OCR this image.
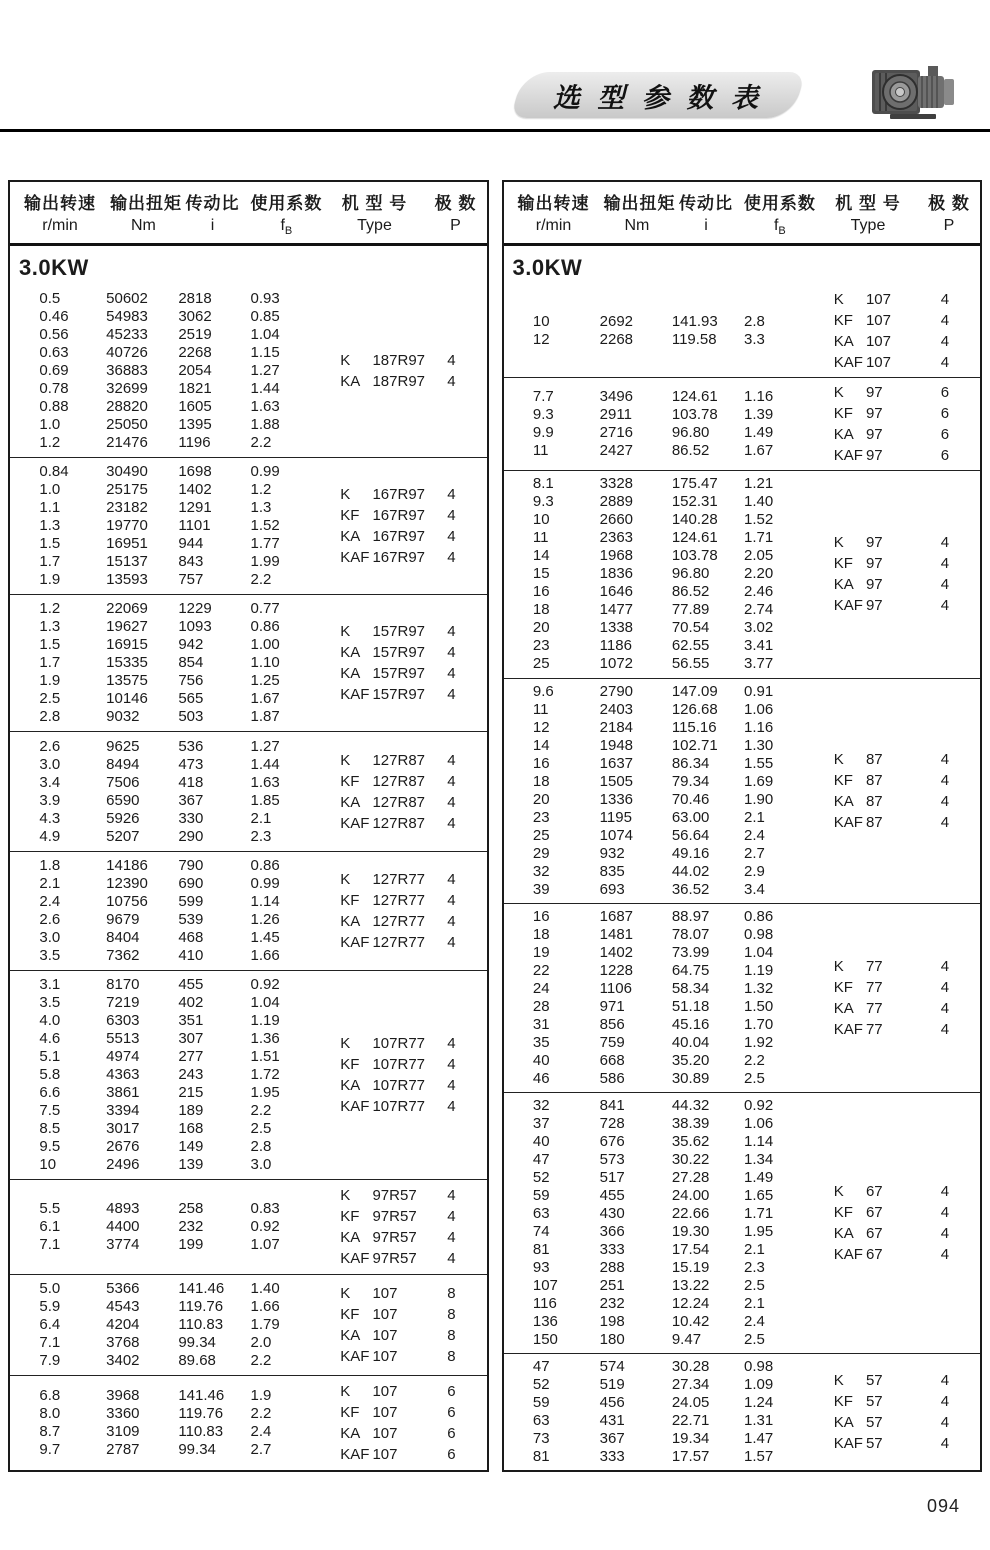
选 型 参 数 表
输出转速
r/min
输出扭矩
Nm
传动比
i
使用系数
$f_B$
机 型 号
Type
极 数
P
3.0KW
0.5	50602	2818	0.93
0.46	54983	3062	0.85
0.56	45233	2519	1.04
0.63	40726	2268	1.15
0.69	36883	2054	1.27
0.78	32699	1821	1.44
0.88	28820	1605	1.63
1.0	25050	1395	1.88
1.2	21476	1196	2.2
K 187R97	4
KA 187R97	4
0.84	30490	1698	0.99
1.0	25175	1402	1.2
1.1	23182	1291	1.3
1.3	19770	1101	1.52
1.5	16951	944	1.77
1.7	15137	843	1.99
1.9	13593	757	2.2
K 167R97	4
KF 167R97	4
KA 167R97	4
KAF 167R97	4
1.2	22069	1229	0.77
1.3	19627	1093	0.86
1.5	16915	942	1.00
1.7	15335	854	1.10
1.9	13575	756	1.25
2.5	10146	565	1.67
2.8	9032	503	1.87
K 157R97	4
KA 157R97	4
KA 157R97	4
KAF 157R97	4
2.6	9625	536	1.27
3.0	8494	473	1.44
3.4	7506	418	1.63
3.9	6590	367	1.85
4.3	5926	330	2.1
4.9	5207	290	2.3
K 127R87	4
KF 127R87	4
KA 127R87	4
KAF 127R87	4
1.8	14186	790	0.86
2.1	12390	690	0.99
2.4	10756	599	1.14
2.6	9679	539	1.26
3.0	8404	468	1.45
3.5	7362	410	1.66
K 127R77	4
KF 127R77	4
KA 127R77	4
KAF 127R77	4
3.1	8170	455	0.92
3.5	7219	402	1.04
4.0	6303	351	1.19
4.6	5513	307	1.36
5.1	4974	277	1.51
5.8	4363	243	1.72
6.6	3861	215	1.95
7.5	3394	189	2.2
8.5	3017	168	2.5
9.5	2676	149	2.8
10	2496	139	3.0
K 107R77	4
KF 107R77	4
KA 107R77	4
KAF 107R77	4
5.5	4893	258	0.83
6.1	4400	232	0.92
7.1	3774	199	1.07
K 97R57	4
KF 97R57	4
KA 97R57	4
KAF 97R57	4
5.0	5366	141.46	1.40
5.9	4543	119.76	1.66
6.4	4204	110.83	1.79
7.1	3768	99.34	2.0
7.9	3402	89.68	2.2
K 107	8
KF 107	8
KA 107	8
KAF 107	8
6.8	3968	141.46	1.9
8.0	3360	119.76	2.2
8.7	3109	110.83	2.4
9.7	2787	99.34	2.7
K 107	6
KF 107	6
KA 107	6
KAF 107	6
输出转速
r/min
输出扭矩
Nm
传动比
i
使用系数
$f_B$
机 型 号
Type
极 数
P
3.0KW
10	2692	141.93	2.8
12	2268	119.58	3.3
K 107	4
KF 107	4
KA 107	4
KAF 107	4
7.7	3496	124.61	1.16
9.3	2911	103.78	1.39
9.9	2716	96.80	1.49
11	2427	86.52	1.67
K 97	6
KF 97	6
KA 97	6
KAF 97	6
8.1	3328	175.47	1.21
9.3	2889	152.31	1.40
10	2660	140.28	1.52
11	2363	124.61	1.71
14	1968	103.78	2.05
15	1836	96.80	2.20
16	1646	86.52	2.46
18	1477	77.89	2.74
20	1338	70.54	3.02
23	1186	62.55	3.41
25	1072	56.55	3.77
K 97	4
KF 97	4
KA 97	4
KAF 97	4
9.6	2790	147.09	0.91
11	2403	126.68	1.06
12	2184	115.16	1.16
14	1948	102.71	1.30
16	1637	86.34	1.55
18	1505	79.34	1.69
20	1336	70.46	1.90
23	1195	63.00	2.1
25	1074	56.64	2.4
29	932	49.16	2.7
32	835	44.02	2.9
39	693	36.52	3.4
K 87	4
KF 87	4
KA 87	4
KAF 87	4
16	1687	88.97	0.86
18	1481	78.07	0.98
19	1402	73.99	1.04
22	1228	64.75	1.19
24	1106	58.34	1.32
28	971	51.18	1.50
31	856	45.16	1.70
35	759	40.04	1.92
40	668	35.20	2.2
46	586	30.89	2.5
K 77	4
KF 77	4
KA 77	4
KAF 77	4
32	841	44.32	0.92
37	728	38.39	1.06
40	676	35.62	1.14
47	573	30.22	1.34
52	517	27.28	1.49
59	455	24.00	1.65
63	430	22.66	1.71
74	366	19.30	1.95
81	333	17.54	2.1
93	288	15.19	2.3
107	251	13.22	2.5
116	232	12.24	2.1
136	198	10.42	2.4
150	180	9.47	2.5
K 67	4
KF 67	4
KA 67	4
KAF 67	4
47	574	30.28	0.98
52	519	27.34	1.09
59	456	24.05	1.24
63	431	22.71	1.31
73	367	19.34	1.47
81	333	17.57	1.57
K 57	4
KF 57	4
KA 57	4
KAF 57	4
094
